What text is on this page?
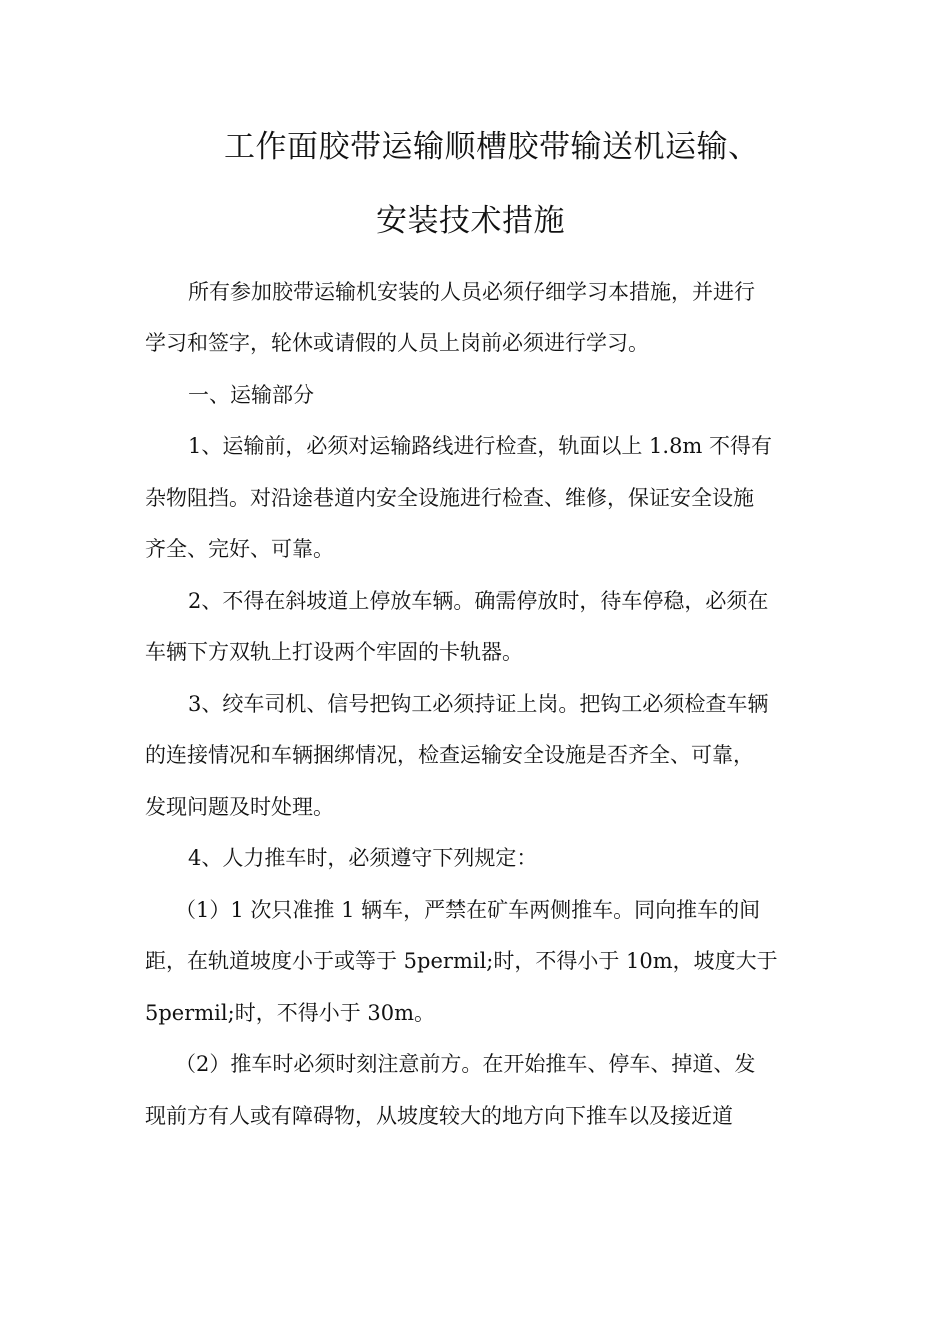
工作面胶带运输顺槽胶带输送机运输、
安装技术措施
所有参加胶带运输机安装的人员必须仔细学习本措施，并进行
学习和签字，轮休或请假的人员上岗前必须进行学习。
一、运输部分
1、运输前，必须对运输路线进行检查，轨面以上 1.8m 不得有
杂物阻挡。对沿途巷道内安全设施进行检查、维修，保证安全设施
齐全、完好、可靠。
2、不得在斜坡道上停放车辆。确需停放时，待车停稳，必须在
车辆下方双轨上打设两个牢固的卡轨器。
3、绞车司机、信号把钩工必须持证上岗。把钩工必须检查车辆
的连接情况和车辆捆绑情况，检查运输安全设施是否齐全、可靠，
发现问题及时处理。
4、人力推车时，必须遵守下列规定：
（1）1 次只准推 1 辆车，严禁在矿车两侧推车。同向推车的间
距，在轨道坡度小于或等于 5permil;时，不得小于 10m，坡度大于
5permil;时，不得小于 30m。
（2）推车时必须时刻注意前方。在开始推车、停车、掉道、发
现前方有人或有障碍物，从坡度较大的地方向下推车以及接近道
